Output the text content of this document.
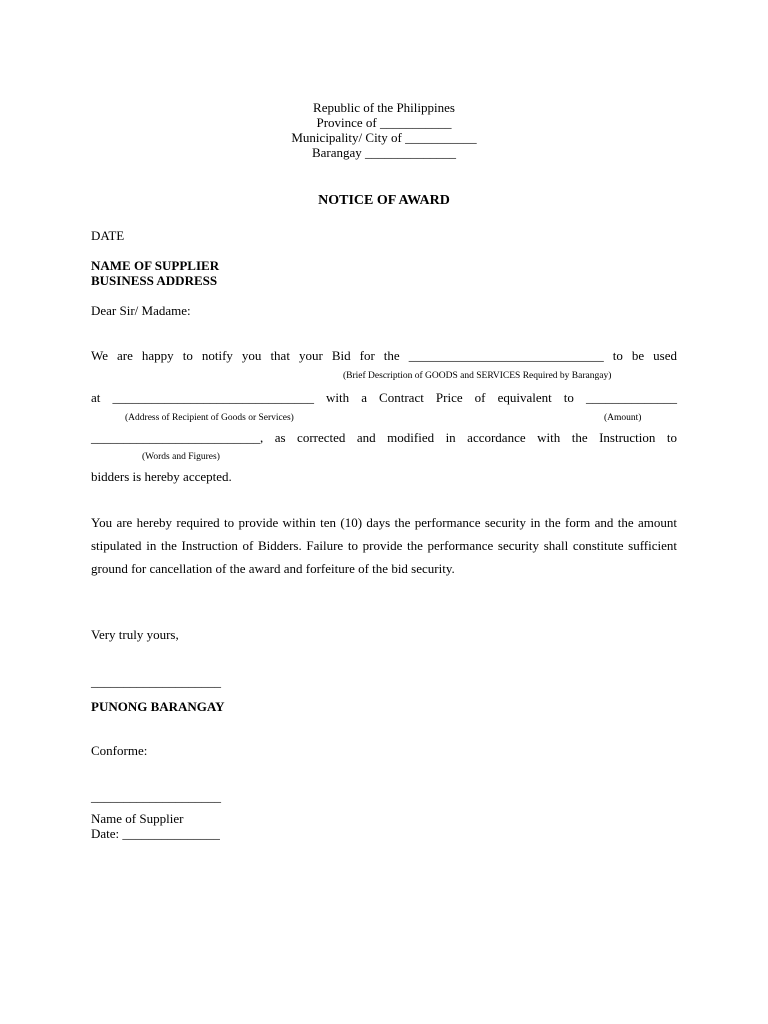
Republic of the Philippines
Province of ___________
Municipality/ City of ___________
Barangay ______________
NOTICE OF AWARD
DATE
NAME OF SUPPLIER
BUSINESS ADDRESS
Dear Sir/ Madame:
We are happy to notify you that your Bid for the ______________________________ to be used
(Brief Description of GOODS and SERVICES Required by Barangay)
at _______________________________ with a Contract Price of equivalent to ______________
(Address of Recipient of Goods or Services)	(Amount)
__________________________, as corrected and modified in accordance with the Instruction to
(Words and Figures)
bidders is hereby accepted.
You are hereby required to provide within ten (10) days the performance security in the form and the amount stipulated in the Instruction of Bidders. Failure to provide the performance security shall constitute sufficient ground for cancellation of the award and forfeiture of the bid security.
Very truly yours,
____________________
PUNONG BARANGAY
Conforme:
____________________
Name of Supplier
Date: _______________
